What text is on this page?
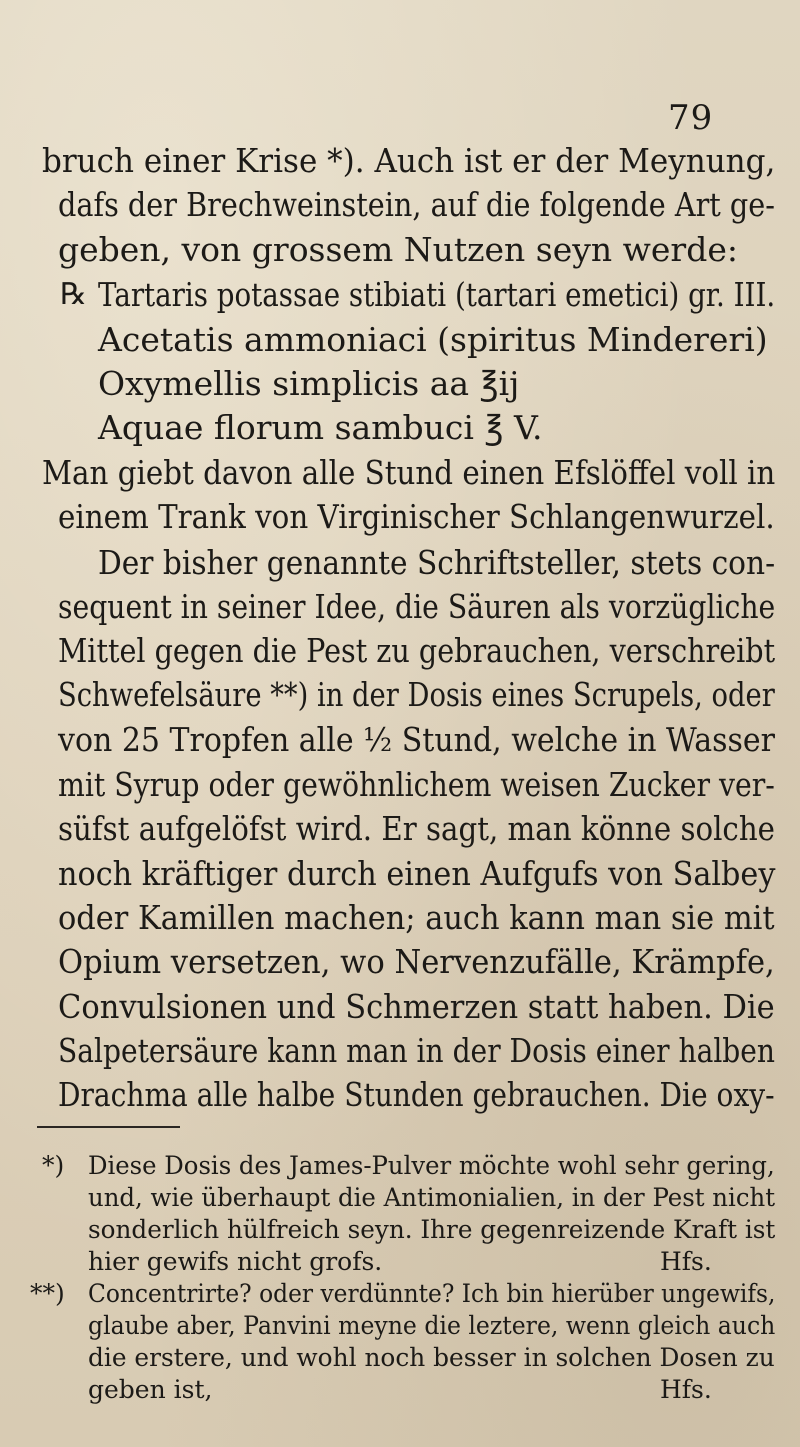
79
bruch einer Krise *). Auch ist er der Meynung,
dafs der Brechweinstein, auf die folgende Art ge-
geben, von grossem Nutzen seyn werde:
℞ Tartaris potassae stibiati (tartari emetici) gr. III.
Acetatis ammoniaci (spiritus Mindereri)
Oxymellis simplicis aa ℥ij
Aquae florum sambuci ℥ V.
Man giebt davon alle Stund einen Efslöffel voll in
einem Trank von Virginischer Schlangenwurzel.
Der bisher genannte Schriftsteller, stets con-
sequent in seiner Idee, die Säuren als vorzügliche
Mittel gegen die Pest zu gebrauchen, verschreibt
Schwefelsäure **) in der Dosis eines Scrupels, oder
von 25 Tropfen alle ½ Stund, welche in Wasser
mit Syrup oder gewöhnlichem weisen Zucker ver-
süfst aufgelöfst wird. Er sagt, man könne solche
noch kräftiger durch einen Aufgufs von Salbey
oder Kamillen machen; auch kann man sie mit
Opium versetzen, wo Nervenzufälle, Krämpfe,
Convulsionen und Schmerzen statt haben. Die
Salpetersäure kann man in der Dosis einer halben
Drachma alle halbe Stunden gebrauchen. Die oxy-
*) Diese Dosis des James-Pulver möchte wohl sehr gering,
und, wie überhaupt die Antimonialien, in der Pest nicht
sonderlich hülfreich seyn. Ihre gegenreizende Kraft ist
hier gewifs nicht grofs.	Hfs.
**) Concentrirte? oder verdünnte? Ich bin hierüber ungewifs,
glaube aber, Panvini meyne die leztere, wenn gleich auch
die erstere, und wohl noch besser in solchen Dosen zu
geben ist,	Hfs.
